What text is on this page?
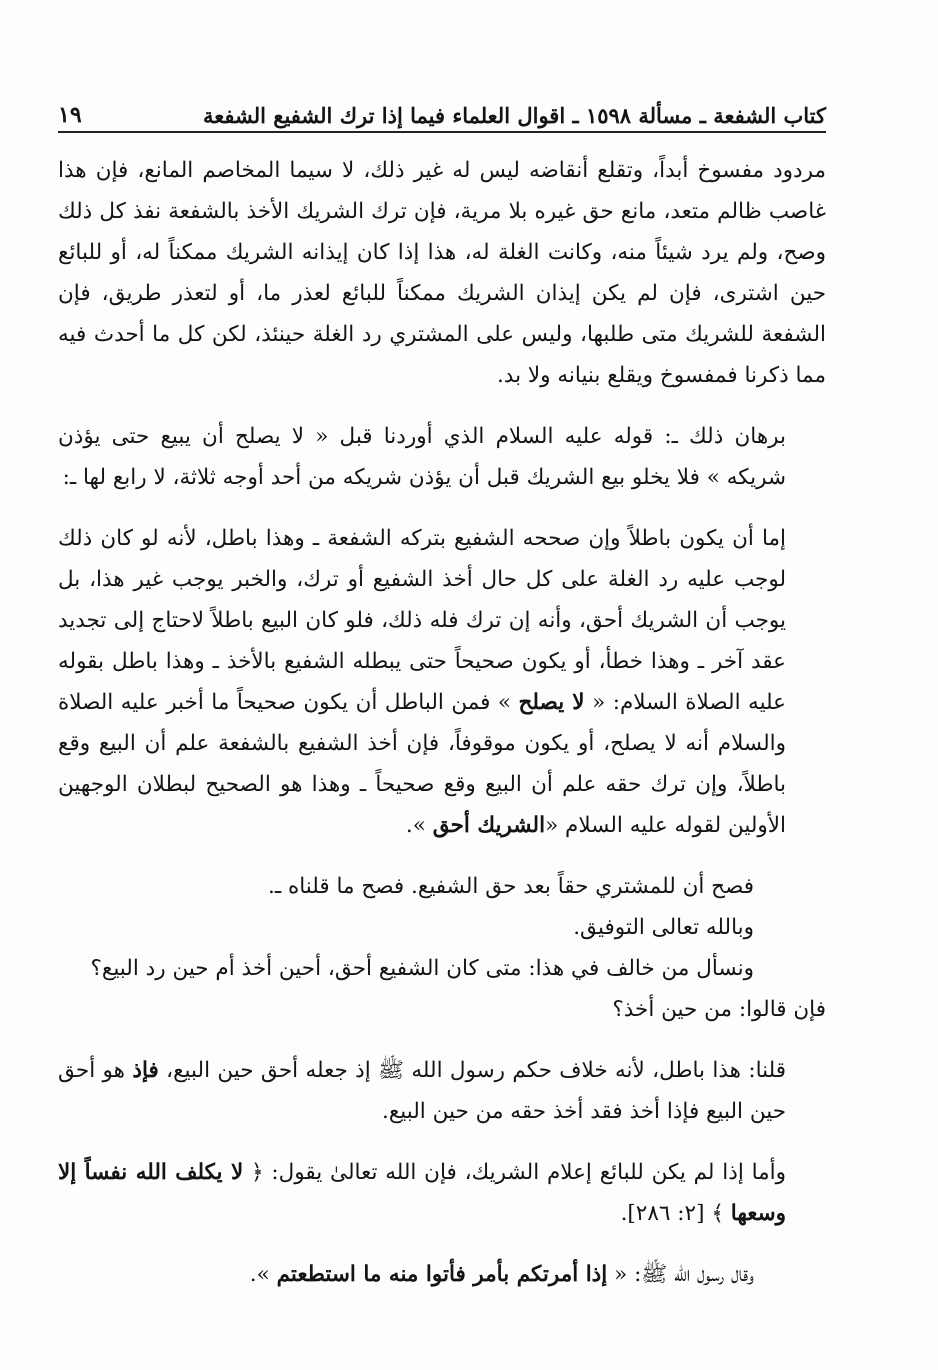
كتاب الشفعة ـ مسألة ١٥٩٨ ـ اقوال العلماء فيما إذا ترك الشفيع الشفعة
١٩

مردود مفسوخ أبداً، وتقلع أنقاضه ليس له غير ذلك، لا سيما المخاصم المانع، فإن هذا غاصب ظالم متعد، مانع حق غيره بلا مرية، فإن ترك الشريك الأخذ بالشفعة نفذ كل ذلك وصح، ولم يرد شيئاً منه، وكانت الغلة له، هذا إذا كان إيذانه الشريك ممكناً له، أو للبائع حين اشترى، فإن لم يكن إيذان الشريك ممكناً للبائع لعذر ما، أو لتعذر طريق، فإن الشفعة للشريك متى طلبها، وليس على المشتري رد الغلة حينئذ، لكن كل ما أحدث فيه مما ذكرنا فمفسوخ ويقلع بنيانه ولا بد.

برهان ذلك ـ: قوله عليه السلام الذي أوردنا قبل « لا يصلح أن يبيع حتى يؤذن شريكه » فلا يخلو بيع الشريك قبل أن يؤذن شريكه من أحد أوجه ثلاثة، لا رابع لها ـ:

إما أن يكون باطلاً وإن صححه الشفيع بتركه الشفعة ـ وهذا باطل، لأنه لو كان ذلك لوجب عليه رد الغلة على كل حال أخذ الشفيع أو ترك، والخبر يوجب غير هذا، بل يوجب أن الشريك أحق، وأنه إن ترك فله ذلك، فلو كان البيع باطلاً لاحتاج إلى تجديد عقد آخر ـ وهذا خطأ، أو يكون صحيحاً حتى يبطله الشفيع بالأخذ ـ وهذا باطل بقوله عليه الصلاة السلام: « لا يصلح » فمن الباطل أن يكون صحيحاً ما أخبر عليه الصلاة والسلام أنه لا يصلح، أو يكون موقوفاً، فإن أخذ الشفيع بالشفعة علم أن البيع وقع باطلاً، وإن ترك حقه علم أن البيع وقع صحيحاً ـ وهذا هو الصحيح لبطلان الوجهين الأولين لقوله عليه السلام «الشريك أحق ».

فصح أن للمشتري حقاً بعد حق الشفيع. فصح ما قلناه ـ.

وبالله تعالى التوفيق.

ونسأل من خالف في هذا: متى كان الشفيع أحق، أحين أخذ أم حين رد البيع؟

فإن قالوا: من حين أخذ؟

قلنا: هذا باطل، لأنه خلاف حكم رسول الله ﷺ إذ جعله أحق حين البيع، فإذ هو أحق حين البيع فإذا أخذ فقد أخذ حقه من حين البيع.

وأما إذا لم يكن للبائع إعلام الشريك، فإن الله تعالىٰ يقول: ﴿ لا يكلف الله نفساً إلا وسعها ﴾ [٢: ٢٨٦].

وقال رسول الله ﷺ: « إذا أمرتكم بأمر فأتوا منه ما استطعتم ».
